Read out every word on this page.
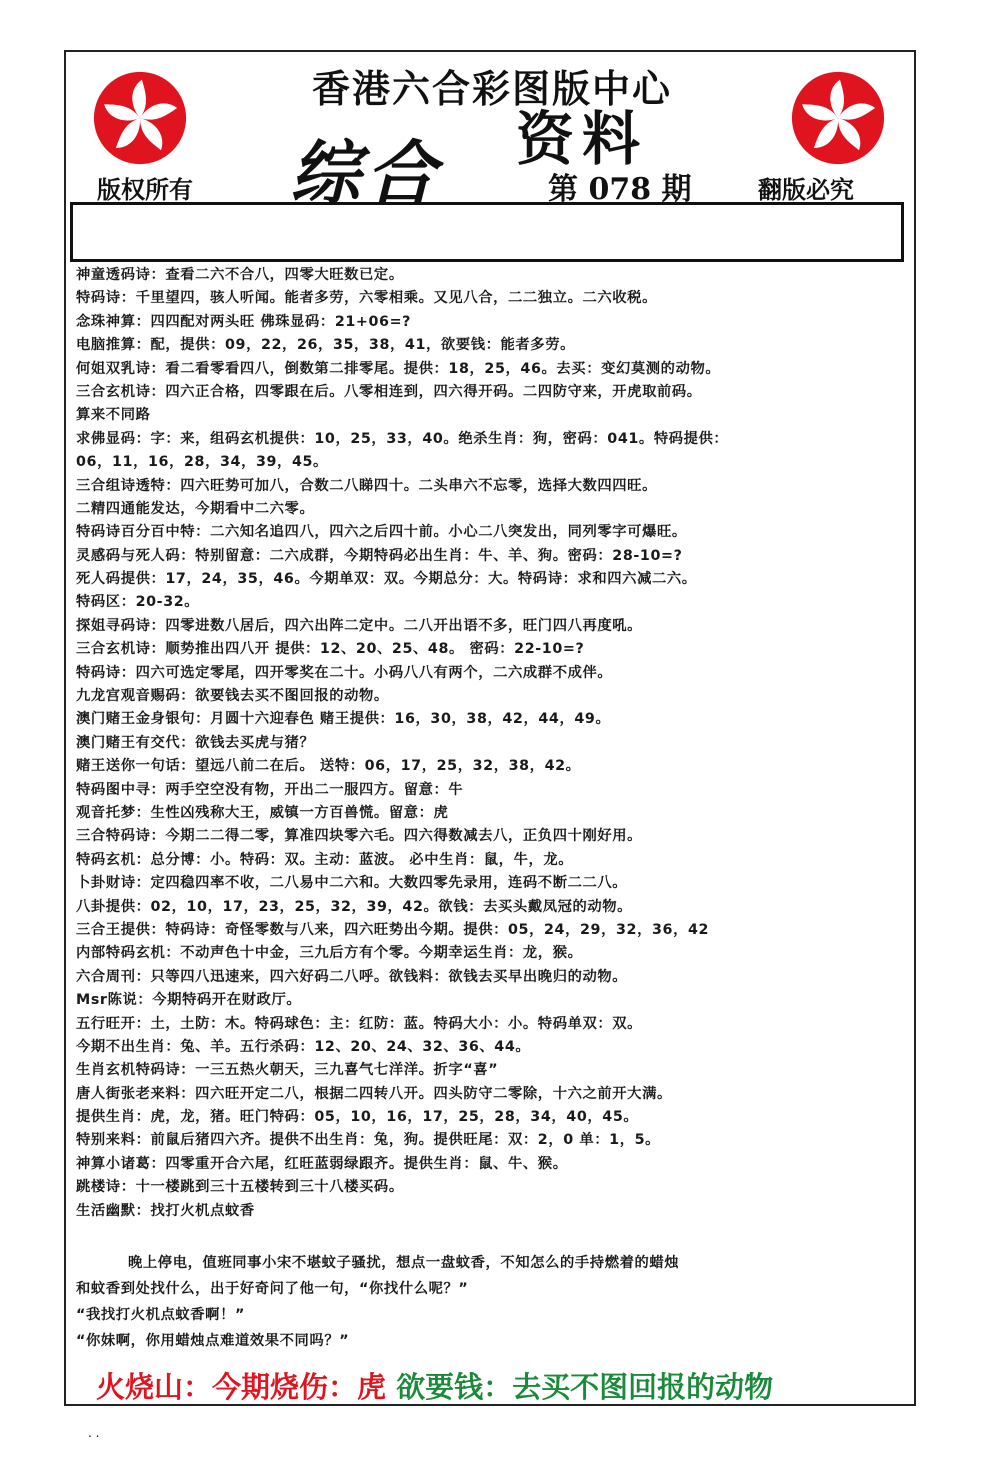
香港六合彩图版中心
版权所有	翻版必究
综合 资料
第 078 期
神童透码诗：查看二六不合八，四零大旺数已定。
特码诗：千里望四，骇人听闻。能者多劳，六零相乘。又见八合，二二独立。二六收税。
念珠神算：四四配对两头旺 佛珠显码：21+06=?
电脑推算：配，提供：09，22，26，35，38，41，欲要钱：能者多劳。
何姐双乳诗：看二看零看四八，倒数第二排零尾。提供：18，25，46。去买：变幻莫测的动物。
三合玄机诗：四六正合格，四零跟在后。八零相连到，四六得开码。二四防守来，开虎取前码。
算来不同路
求佛显码：字：来，组码玄机提供：10，25，33，40。绝杀生肖：狗，密码：041。特码提供：
06，11，16，28，34，39，45。
三合组诗透特：四六旺势可加八，合数二八睇四十。二头串六不忘零，选择大数四四旺。
二精四通能发达，今期看中二六零。
特码诗百分百中特：二六知名追四八，四六之后四十前。小心二八突发出，同列零字可爆旺。
灵感码与死人码：特别留意：二六成群，今期特码必出生肖：牛、羊、狗。密码：28-10=?
死人码提供：17，24，35，46。今期单双：双。今期总分：大。特码诗：求和四六减二六。
特码区：20-32。
探姐寻码诗：四零进数八居后，四六出阵二定中。二八开出语不多，旺门四八再度吼。
三合玄机诗：顺势推出四八开 提供：12、20、25、48。 密码：22-10=?
特码诗：四六可选定零尾，四开零奖在二十。小码八八有两个，二六成群不成伴。
九龙宫观音赐码：欲要钱去买不图回报的动物。
澳门赌王金身银句：月圆十六迎春色 赌王提供：16，30，38，42，44，49。
澳门赌王有交代：欲钱去买虎与猪？
赌王送你一句话：望远八前二在后。 送特：06，17，25，32，38，42。
特码图中寻：两手空空没有物，开出二一服四方。留意：牛
观音托梦：生性凶残称大王，威镇一方百兽慌。留意：虎
三合特码诗：今期二二得二零，算准四块零六毛。四六得数减去八，正负四十刚好用。
特码玄机：总分博：小。特码：双。主动：蓝波。 必中生肖：鼠，牛，龙。
卜卦财诗：定四稳四率不收，二八易中二六和。大数四零先录用，连码不断二二八。
八卦提供：02，10，17，23，25，32，39，42。欲钱：去买头戴凤冠的动物。
三合王提供：特码诗：奇怪零数与八来，四六旺势出今期。提供：05，24，29，32，36，42
内部特码玄机：不动声色十中金，三九后方有个零。今期幸运生肖：龙，猴。
六合周刊：只等四八迅速来，四六好码二八呼。欲钱料：欲钱去买早出晚归的动物。
Msr陈说：今期特码开在财政厅。
五行旺开：土，土防：木。特码球色：主：红防：蓝。特码大小：小。特码单双：双。
今期不出生肖：兔、羊。五行杀码：12、20、24、32、36、44。
生肖玄机特码诗：一三五热火朝天，三九喜气七洋洋。折字“喜”
唐人街张老来料：四六旺开定二八，根据二四转八开。四头防守二零除，十六之前开大满。
提供生肖：虎，龙，猪。旺门特码：05，10，16，17，25，28，34，40，45。
特别来料：前鼠后猪四六齐。提供不出生肖：兔，狗。提供旺尾：双：2，0 单：1，5。
神算小诸葛：四零重开合六尾，红旺蓝弱绿跟齐。提供生肖：鼠、牛、猴。
跳楼诗：十一楼跳到三十五楼转到三十八楼买码。
生活幽默：找打火机点蚊香
晚上停电，值班同事小宋不堪蚊子骚扰，想点一盘蚊香，不知怎么的手持燃着的蜡烛
和蚊香到处找什么，出于好奇问了他一句，“你找什么呢？”
“我找打火机点蚊香啊！”
“你妹啊，你用蜡烛点难道效果不同吗？”
火烧山：今期烧伤：虎 欲要钱：去买不图回报的动物
. .
